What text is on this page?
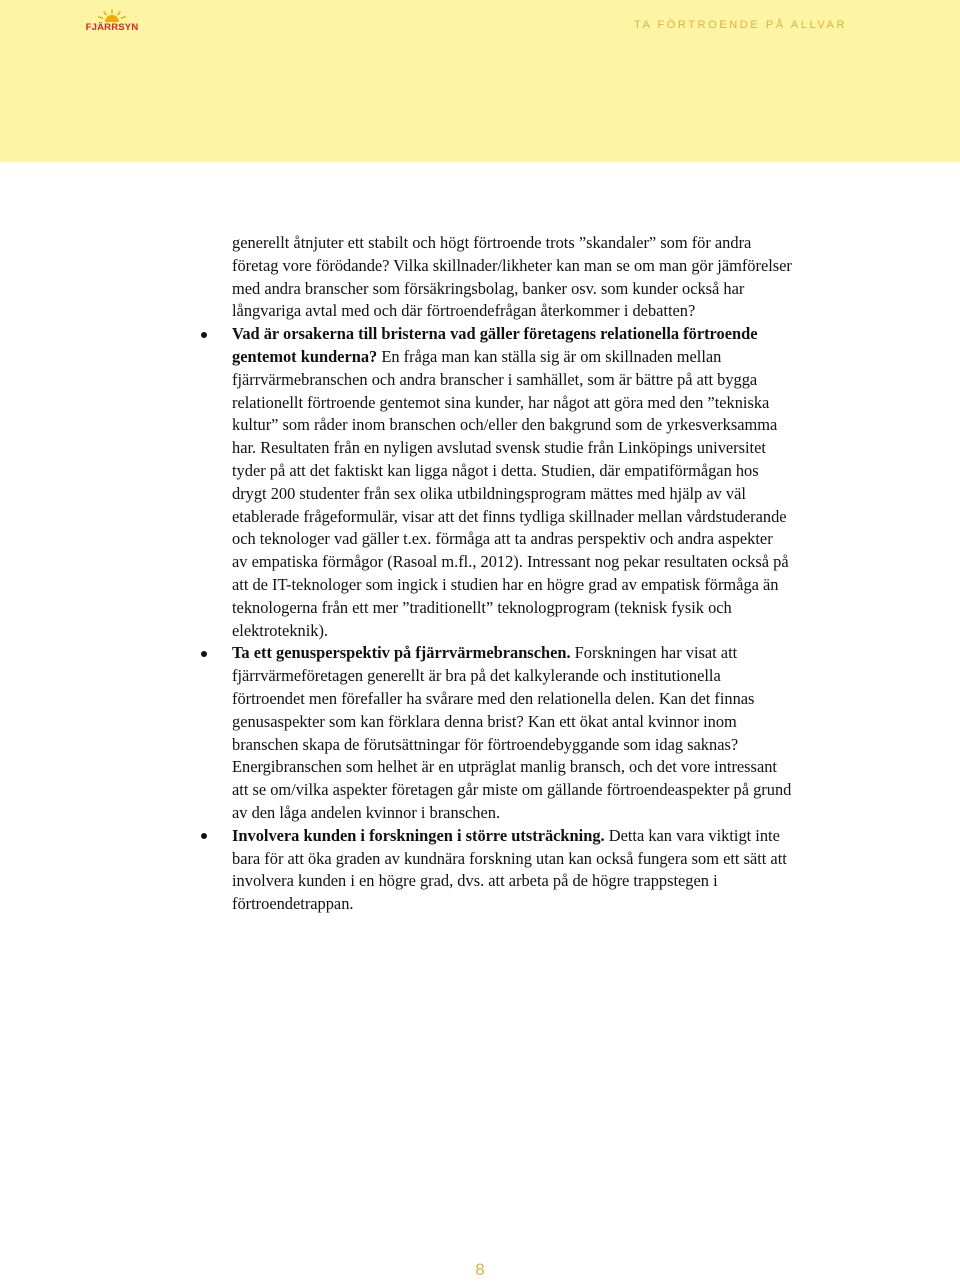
FJÄRRSYN	TA FÖRTROENDE PÅ ALLVAR

generellt åtnjuter ett stabilt och högt förtroende trots ”skandaler” som för andra företag vore förödande? Vilka skillnader/likheter kan man se om man gör jämförelser med andra branscher som försäkringsbolag, banker osv. som kunder också har långvariga avtal med och där förtroendefrågan återkommer i debatten?

Vad är orsakerna till bristerna vad gäller företagens relationella förtroende gentemot kunderna? En fråga man kan ställa sig är om skillnaden mellan fjärrvärmebranschen och andra branscher i samhället, som är bättre på att bygga relationellt förtroende gentemot sina kunder, har något att göra med den ”tekniska kultur” som råder inom branschen och/eller den bakgrund som de yrkesverksamma har. Resultaten från en nyligen avslutad svensk studie från Linköpings universitet tyder på att det faktiskt kan ligga något i detta. Studien, där empatiförmågan hos drygt 200 studenter från sex olika utbildningsprogram mättes med hjälp av väl etablerade frågeformulär, visar att det finns tydliga skillnader mellan vårdstuderande och teknologer vad gäller t.ex. förmåga att ta andras perspektiv och andra aspekter av empatiska förmågor (Rasoal m.fl., 2012). Intressant nog pekar resultaten också på att de IT-teknologer som ingick i studien har en högre grad av empatisk förmåga än teknologerna från ett mer ”traditionellt” teknologprogram (teknisk fysik och elektroteknik).
Ta ett genusperspektiv på fjärrvärmebranschen. Forskningen har visat att fjärrvärmeföretagen generellt är bra på det kalkylerande och institutionella förtroendet men förefaller ha svårare med den relationella delen. Kan det finnas genusaspekter som kan förklara denna brist? Kan ett ökat antal kvinnor inom branschen skapa de förutsättningar för förtroendebyggande som idag saknas? Energibranschen som helhet är en utpräglat manlig bransch, och det vore intressant att se om/vilka aspekter företagen går miste om gällande förtroendeaspekter på grund av den låga andelen kvinnor i branschen.
Involvera kunden i forskningen i större utsträckning. Detta kan vara viktigt inte bara för att öka graden av kundnära forskning utan kan också fungera som ett sätt att involvera kunden i en högre grad, dvs. att arbeta på de högre trappstegen i förtroendetrappan.
8
